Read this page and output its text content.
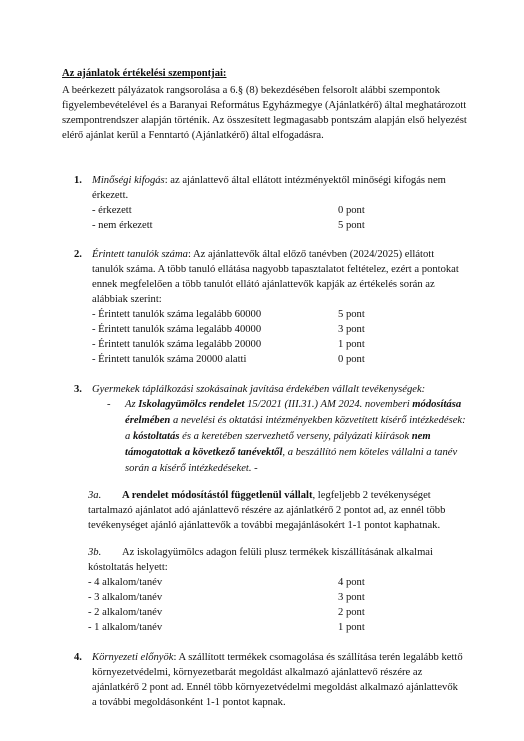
Az ajánlatok értékelési szempontjai:
A beérkezett pályázatok rangsorolása a 6.§ (8) bekezdésében felsorolt alábbi szempontok
figyelembevételével és a Baranyai Református Egyházmegye (Ajánlatkérő) által meghatározott
szempontrendszer alapján történik. Az összesített legmagasabb pontszám alapján első helyezést
elérő ajánlat kerül a Fenntartó (Ajánlatkérő) által elfogadásra.
1. Minőségi kifogás: az ajánlattevő által ellátott intézményektől minőségi kifogás nem
érkezett.
- érkezett	0 pont
- nem érkezett	5 pont
2. Érintett tanulók száma: Az ajánlattevők által előző tanévben (2024/2025) ellátott
tanulók száma. A több tanuló ellátása nagyobb tapasztalatot feltételez, ezért a pontokat
ennek megfelelően a több tanulót ellátó ajánlattevők kapják az értékelés során az
alábbiak szerint:
- Érintett tanulók száma legalább 60000	5 pont
- Érintett tanulók száma legalább 40000	3 pont
- Érintett tanulók száma legalább 20000	1 pont
- Érintett tanulók száma 20000 alatti	0 pont
3. Gyermekek táplálkozási szokásainak javítása érdekében vállalt tevékenységek:
- Az Iskolagyümölcs rendelet 15/2021 (III.31.) AM 2024. novemberi módosítása
érelmében a nevelési és oktatási intézményekben közvetített kísérő intézkedések:
a kóstoltatás és a keretében szervezhető verseny, pályázati kiírások nem
támogatottak a következő tanévektől, a beszállító nem köteles vállalni a tanév
során a kísérő intézkedéseket. -
3a. A rendelet módosítástól függetlenül vállalt, legfeljebb 2 tevékenységet
tartalmazó ajánlatot adó ajánlattevő részére az ajánlatkérő 2 pontot ad, az ennél több
tevékenységet ajánló ajánlattevők a további megajánlásokért 1-1 pontot kaphatnak.
3b. Az iskolagyümölcs adagon felüli plusz termékek kiszállításának alkalmai
kóstoltatás helyett:
- 4 alkalom/tanév	4 pont
- 3 alkalom/tanév	3 pont
- 2 alkalom/tanév	2 pont
- 1 alkalom/tanév	1 pont
4. Környezeti előnyök: A szállított termékek csomagolása és szállítása terén legalább kettő
környezetvédelmi, környezetbarát megoldást alkalmazó ajánlattevő részére az
ajánlatkérő 2 pont ad. Ennél több környezetvédelmi megoldást alkalmazó ajánlattevők
a további megoldásonként 1-1 pontot kapnak.
